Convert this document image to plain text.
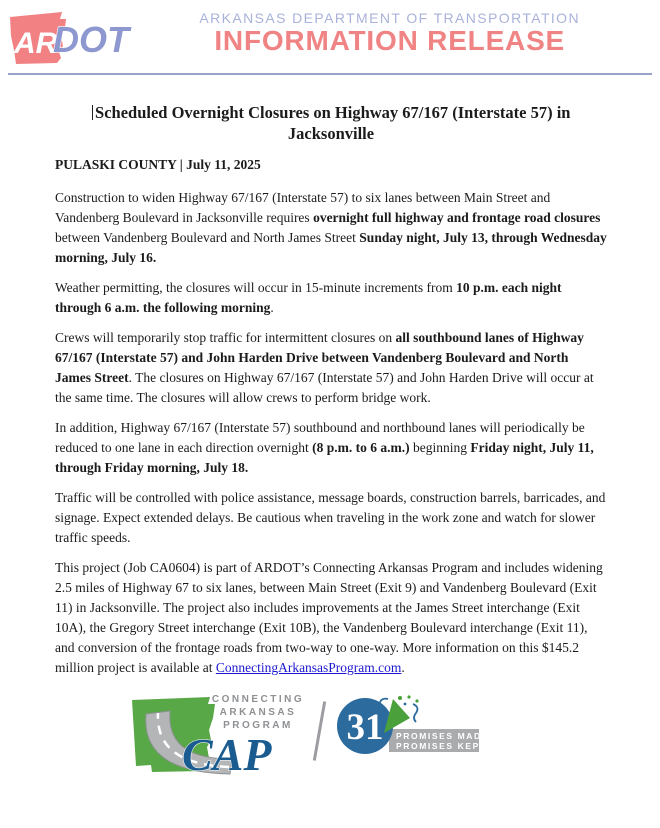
AR
DOT
ARKANSAS DEPARTMENT OF TRANSPORTATION
INFORMATION RELEASE
Scheduled Overnight Closures on Highway 67/167 (Interstate 57) in Jacksonville
PULASKI COUNTY | July 11, 2025

Construction to widen Highway 67/167 (Interstate 57) to six lanes between Main Street and Vandenberg Boulevard in Jacksonville requires overnight full highway and frontage road closures between Vandenberg Boulevard and North James Street Sunday night, July 13, through Wednesday morning, July 16.

Weather permitting, the closures will occur in 15-minute increments from 10 p.m. each night through 6 a.m. the following morning.

Crews will temporarily stop traffic for intermittent closures on all southbound lanes of Highway 67/167 (Interstate 57) and John Harden Drive between Vandenberg Boulevard and North James Street. The closures on Highway 67/167 (Interstate 57) and John Harden Drive will occur at the same time. The closures will allow crews to perform bridge work.

In addition, Highway 67/167 (Interstate 57) southbound and northbound lanes will periodically be reduced to one lane in each direction overnight (8 p.m. to 6 a.m.) beginning Friday night, July 11, through Friday morning, July 18.

Traffic will be controlled with police assistance, message boards, construction barrels, barricades, and signage. Expect extended delays. Be cautious when traveling in the work zone and watch for slower traffic speeds.

This project (Job CA0604) is part of ARDOT’s Connecting Arkansas Program and includes widening 2.5 miles of Highway 67 to six lanes, between Main Street (Exit 9) and Vandenberg Boulevard (Exit 11) in Jacksonville. The project also includes improvements at the James Street interchange (Exit 10A), the Gregory Street interchange (Exit 10B), the Vandenberg Boulevard interchange (Exit 11), and conversion of the frontage roads from two-way to one-way. More information on this $145.2 million project is available at ConnectingArkansasProgram.com.

CONNECTING
ARKANSAS
PROGRAM
CAP	PROMISES MADE
PROMISES KEPT
31
